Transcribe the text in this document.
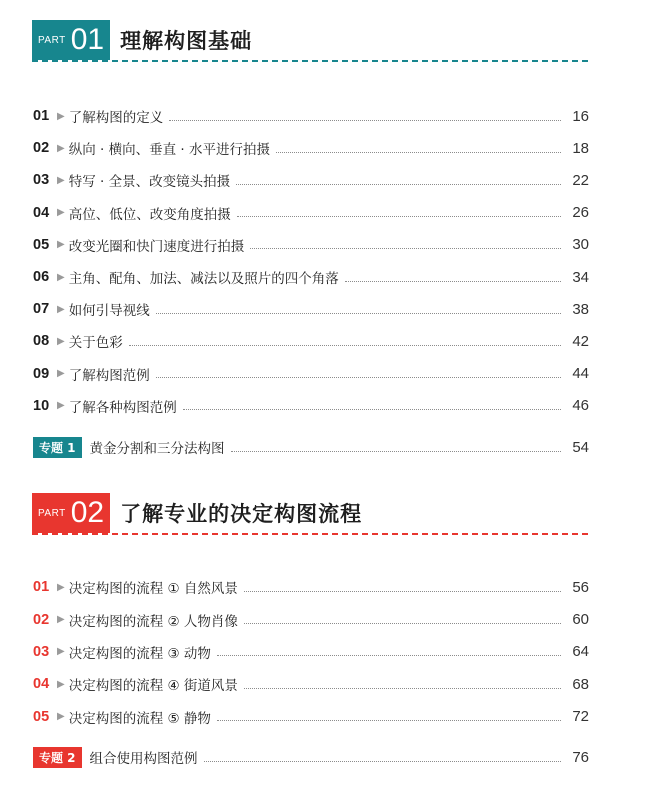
PART 01 理解构图基础
01 ▶ 了解构图的定义	16
02 ▶ 纵向 · 横向、垂直 · 水平进行拍摄	18
03 ▶ 特写 · 全景、改变镜头拍摄	22
04 ▶ 高位、低位、改变角度拍摄	26
05 ▶ 改变光圈和快门速度进行拍摄	30
06 ▶ 主角、配角、加法、减法以及照片的四个角落	34
07 ▶ 如何引导视线	38
08 ▶ 关于色彩	42
09 ▶ 了解构图范例	44
10 ▶ 了解各种构图范例	46
专题 1	黄金分割和三分法构图	54
PART 02 了解专业的决定构图流程
01 ▶ 决定构图的流程 ① 自然风景	56
02 ▶ 决定构图的流程 ② 人物肖像	60
03 ▶ 决定构图的流程 ③ 动物	64
04 ▶ 决定构图的流程 ④ 街道风景	68
05 ▶ 决定构图的流程 ⑤ 静物	72
专题 2	组合使用构图范例	76
